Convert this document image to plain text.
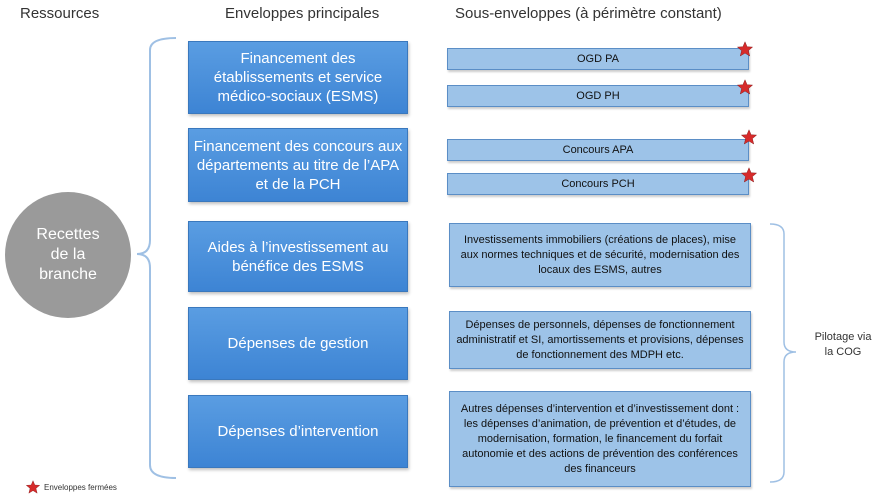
Ressources	Enveloppes principales	Sous-enveloppes (à périmètre constant)
Recettes de la branche
Financement des établissements et service médico-sociaux (ESMS)
Financement des concours aux départements au titre de l’APA et de la PCH
Aides à l’investissement au bénéfice des ESMS
Dépenses de gestion
Dépenses d’intervention
OGD PA
OGD PH
Concours APA
Concours PCH
Investissements immobiliers (créations de places), mise aux normes techniques et de sécurité, modernisation des locaux des ESMS, autres
Dépenses de personnels, dépenses de fonctionnement administratif et SI, amortissements et provisions, dépenses de fonctionnement des MDPH etc.
Autres dépenses d’intervention et d’investissement dont : les dépenses d’animation, de prévention et d’études, de modernisation, formation, le financement du forfait autonomie et des actions de prévention des conférences des financeurs
Pilotage via la COG
Enveloppes fermées
